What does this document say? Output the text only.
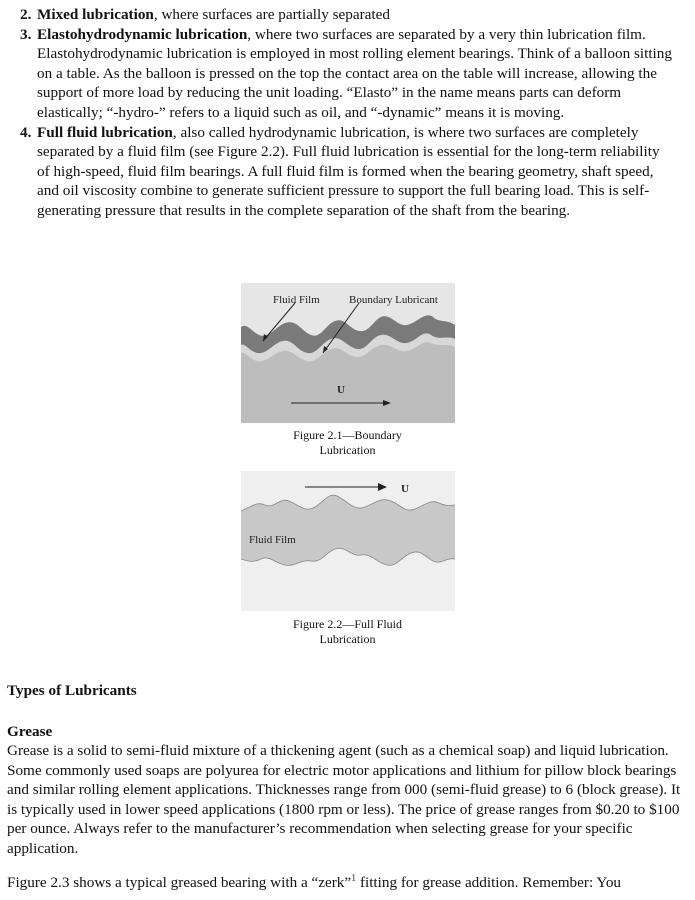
2. Mixed lubrication, where surfaces are partially separated
3. Elastohydrodynamic lubrication, where two surfaces are separated by a very thin lubrication film. Elastohydrodynamic lubrication is employed in most rolling element bearings. Think of a balloon sitting on a table. As the balloon is pressed on the top the contact area on the table will increase, allowing the support of more load by reducing the unit loading. “Elasto” in the name means parts can deform elastically; “-hydro-” refers to a liquid such as oil, and “-dynamic” means it is moving.
4. Full fluid lubrication, also called hydrodynamic lubrication, is where two surfaces are completely separated by a fluid film (see Figure 2.2). Full fluid lubrication is essential for the long-term reliability of high-speed, fluid film bearings. A full fluid film is formed when the bearing geometry, shaft speed, and oil viscosity combine to generate sufficient pressure to support the full bearing load. This is self-generating pressure that results in the complete separation of the shaft from the bearing.
Fluid Film	Boundary Lubricant
U
Figure 2.1—Boundary
Lubrication
U
Fluid Film
Figure 2.2—Full Fluid
Lubrication
Types of Lubricants
Grease
Grease is a solid to semi-fluid mixture of a thickening agent (such as a chemical soap) and liquid lubrication. Some commonly used soaps are polyurea for electric motor applications and lithium for pillow block bearings and similar rolling element applications. Thicknesses range from 000 (semi-fluid grease) to 6 (block grease). It is typically used in lower speed applications (1800 rpm or less). The price of grease ranges from $0.20 to $100 per ounce. Always refer to the manufacturer’s recommendation when selecting grease for your specific application.
Figure 2.3 shows a typical greased bearing with a “zerk”$^1$ fitting for grease addition. Remember: You
